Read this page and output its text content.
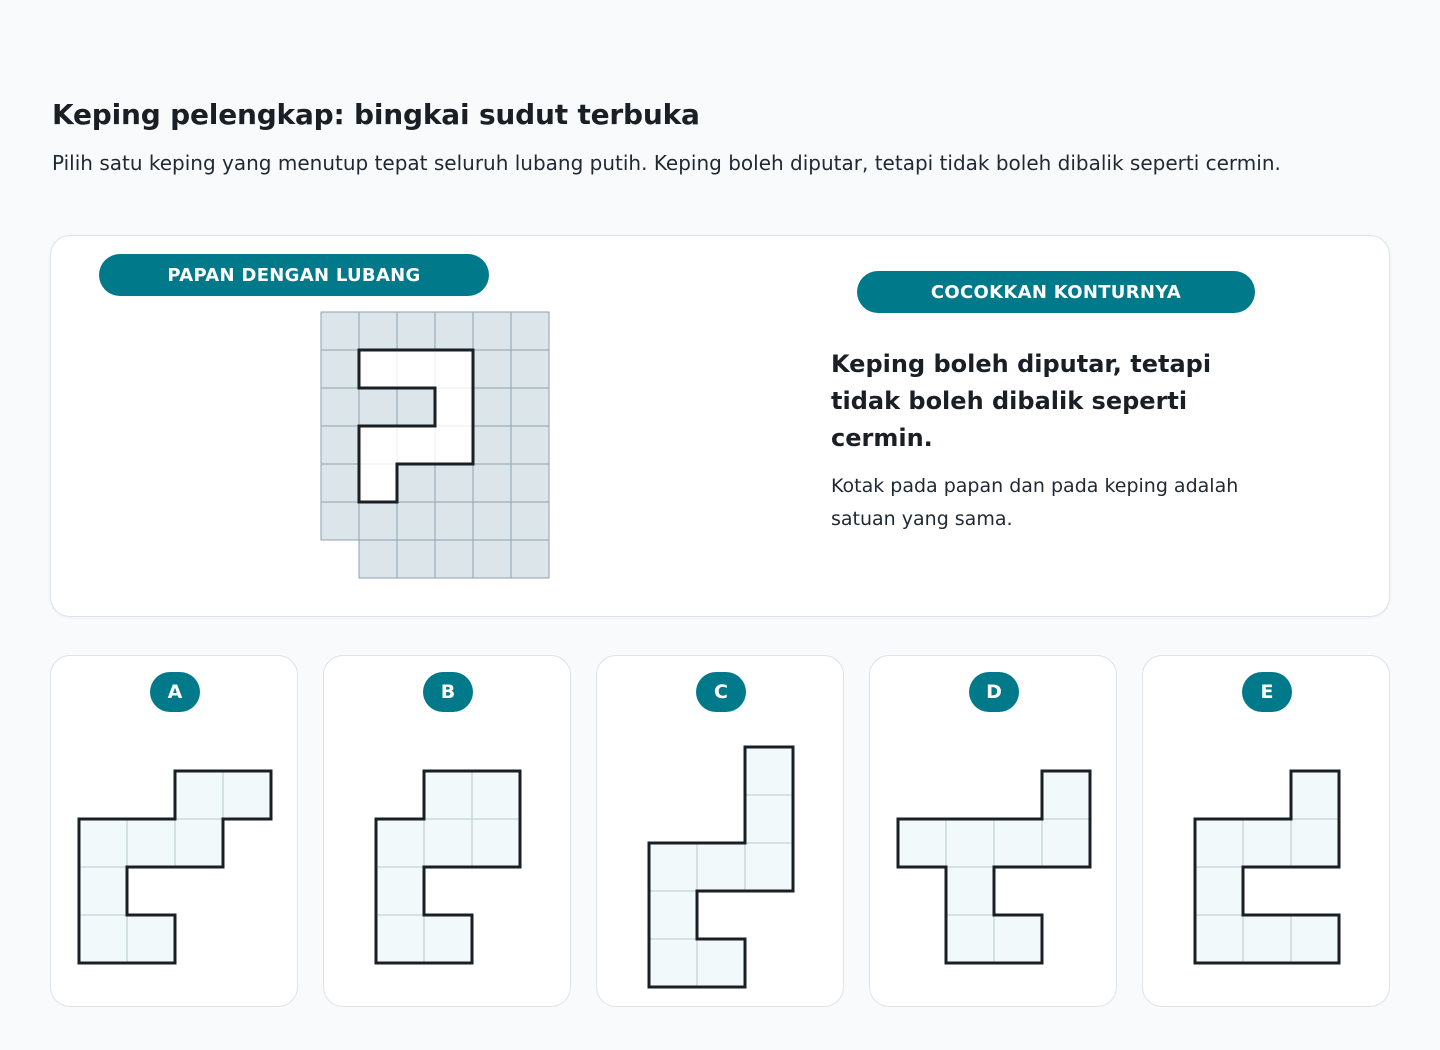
Keping pelengkap: bingkai sudut terbuka
Pilih satu keping yang menutup tepat seluruh lubang putih. Keping boleh diputar, tetapi tidak boleh dibalik seperti cermin.
PAPAN DENGAN LUBANG
COCOKKAN KONTURNYA
Keping boleh diputar, tetapi tidak boleh dibalik seperti cermin.
Kotak pada papan dan pada keping adalah satuan yang sama.
A	B	C	D	E
